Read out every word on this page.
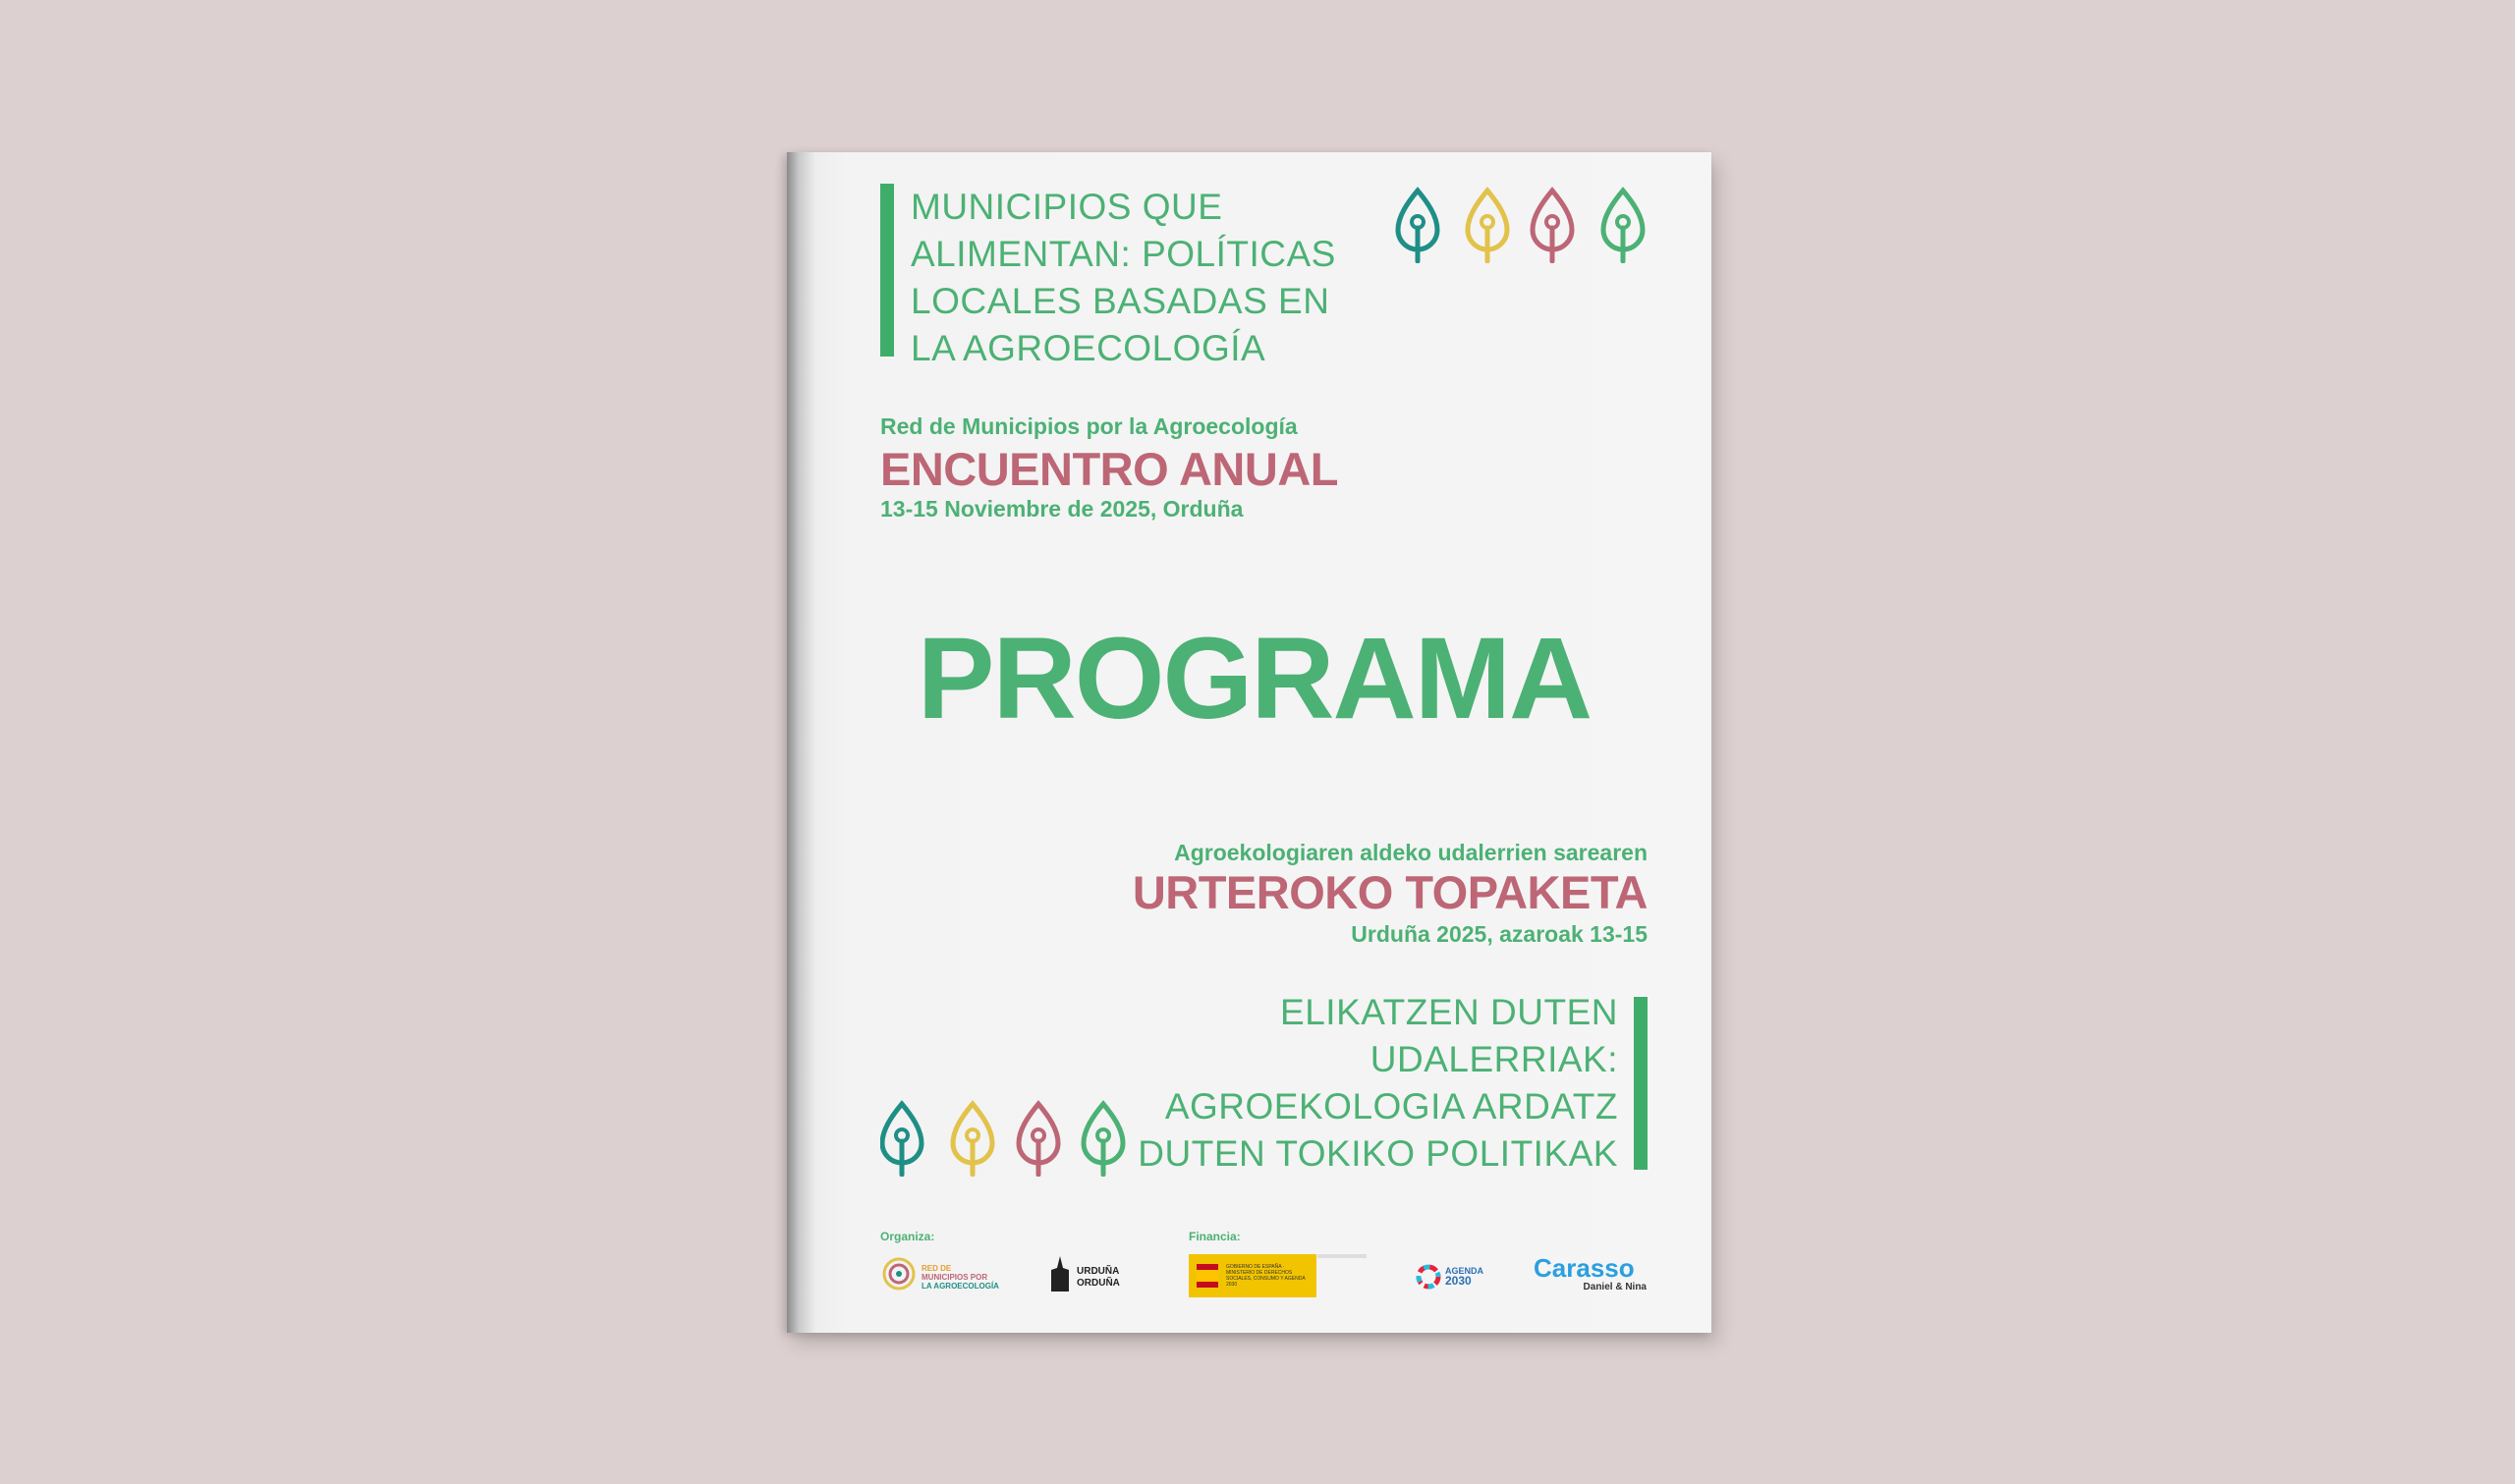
MUNICIPIOS QUE
ALIMENTAN: POLÍTICAS
LOCALES BASADAS EN
LA AGROECOLOGÍA
Red de Municipios por la Agroecología
ENCUENTRO ANUAL
13-15 Noviembre de 2025, Orduña
PROGRAMA
Agroekologiaren aldeko udalerrien sarearen
URTEROKO TOPAKETA
Urduña 2025, azaroak 13-15
ELIKATZEN DUTEN
UDALERRIAK:
AGROEKOLOGIA ARDATZ
DUTEN TOKIKO POLITIKAK
Organiza:	Financia:
RED DE
MUNICIPIOS POR
LA AGROECOLOGÍA
URDUÑA
ORDUÑA
GOBIERNO DE ESPAÑA · MINISTERIO DE DERECHOS SOCIALES, CONSUMO Y AGENDA 2030
AGENDA
2030	Carasso
Daniel & Nina
